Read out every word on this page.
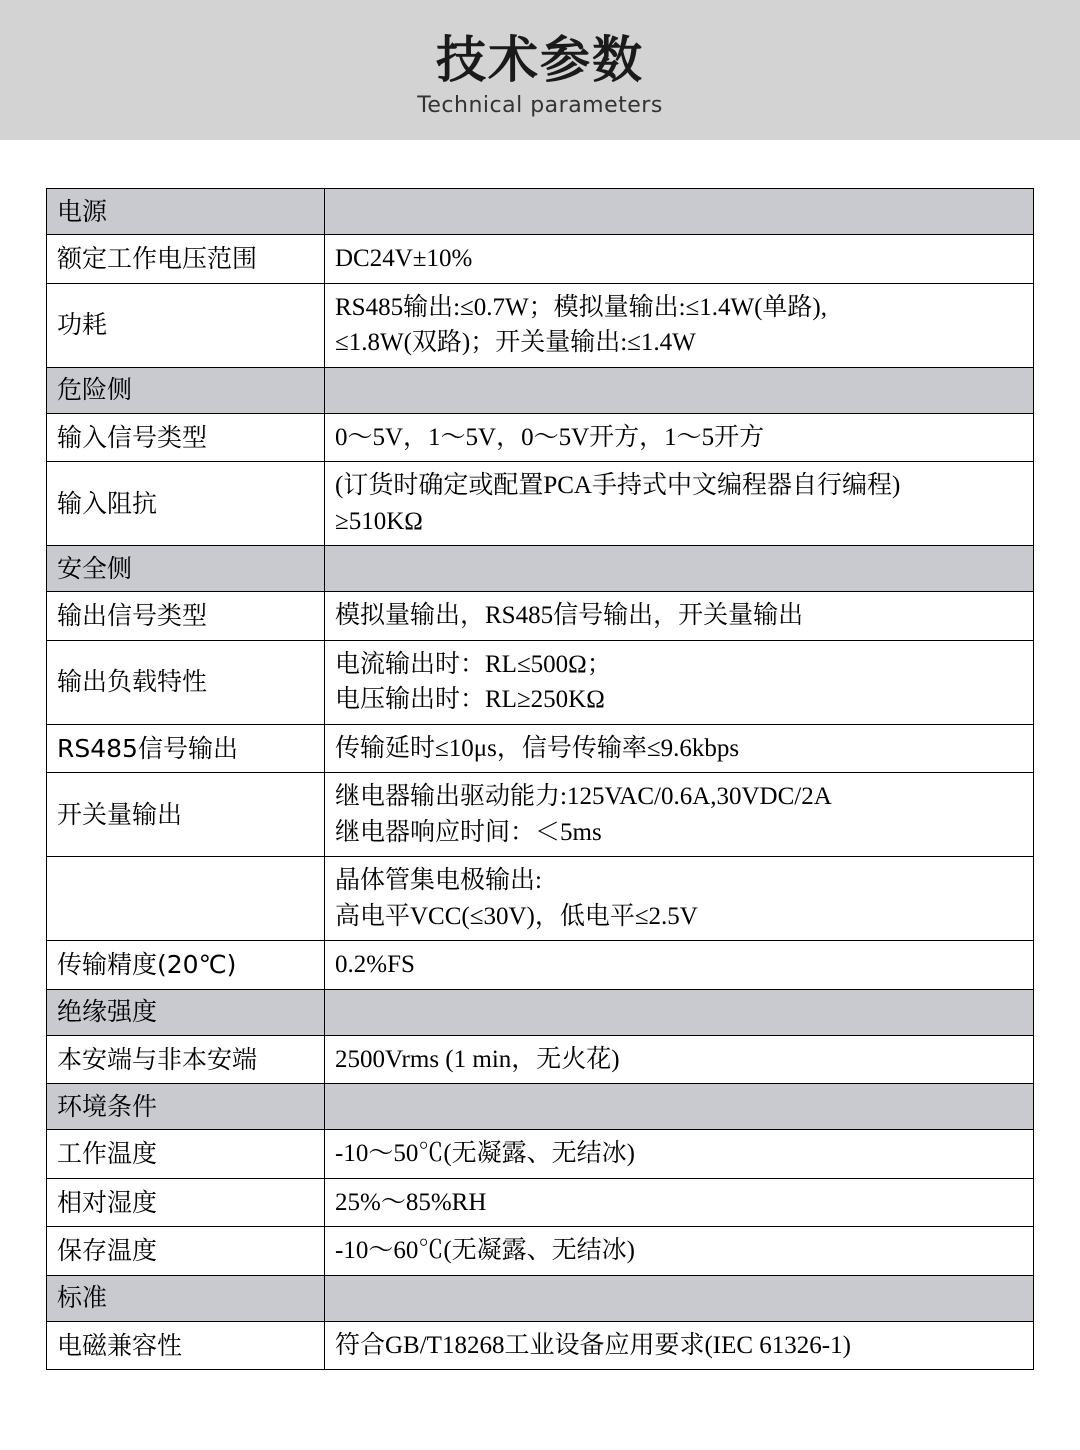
技术参数
Technical parameters
电源	
额定工作电压范围	DC24V±10%

功耗	RS485输出:≤0.7W；模拟量输出:≤1.4W(单路),
≤1.8W(双路)；开关量输出:≤1.4W

危险侧	
输入信号类型	0～5V，1～5V，0～5V开方，1～5开方

输入阻抗	(订货时确定或配置PCA手持式中文编程器自行编程)
≥510KΩ

安全侧	
输出信号类型	模拟量输出，RS485信号输出，开关量输出

输出负载特性	电流输出时：RL≤500Ω；
电压输出时：RL≥250KΩ

RS485信号输出	传输延时≤10μs，信号传输率≤9.6kbps

开关量输出	继电器输出驱动能力:125VAC/0.6A,30VDC/2A
继电器响应时间：＜5ms

	晶体管集电极输出:
高电平VCC(≤30V)，低电平≤2.5V

传输精度(20℃)	0.2%FS

绝缘强度	
本安端与非本安端	2500Vrms (1 min，无火花)

环境条件	
工作温度	-10～50℃(无凝露、无结冰)

相对湿度	25%～85%RH

保存温度	-10～60℃(无凝露、无结冰)

标准	
电磁兼容性	符合GB/T18268工业设备应用要求(IEC 61326-1)
